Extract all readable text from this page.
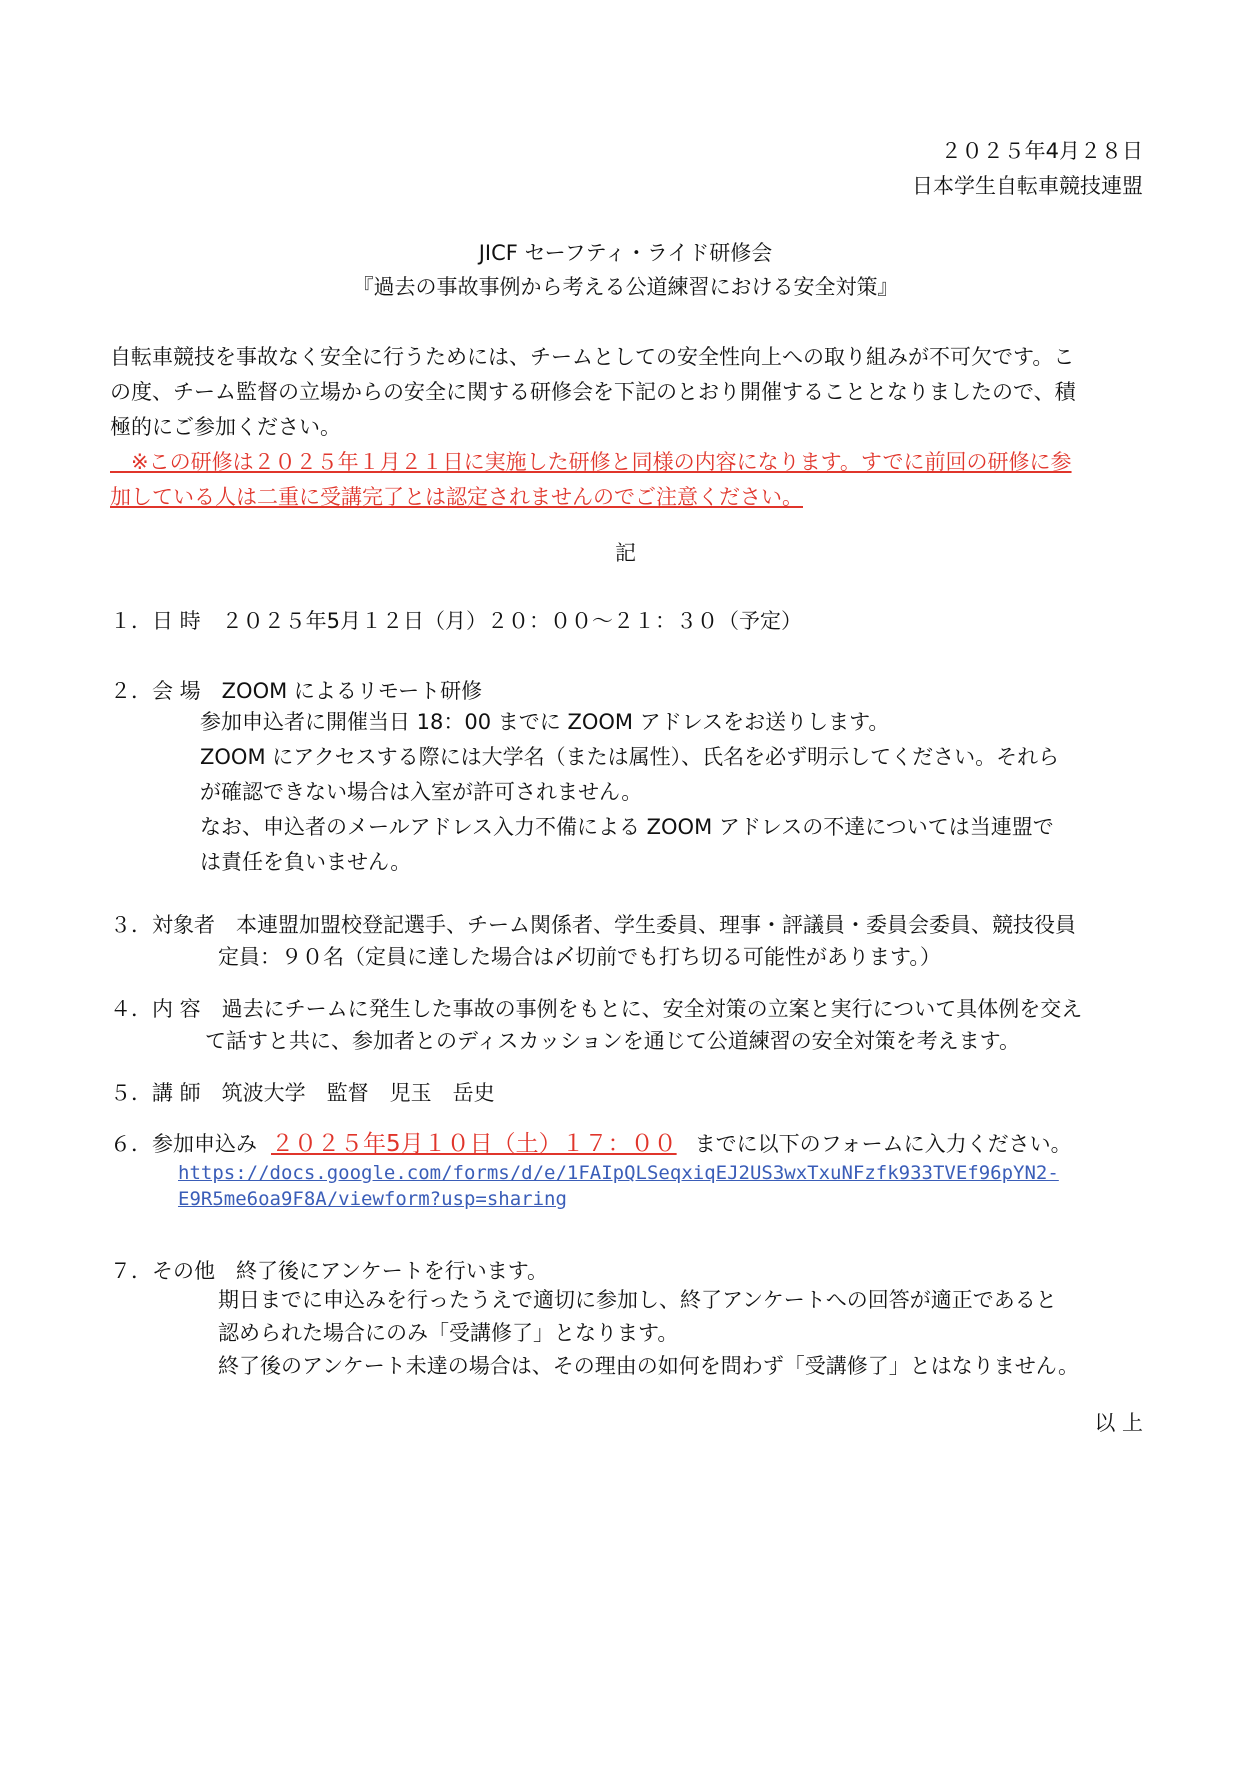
２０２５年4月２８日
日本学生自転車競技連盟
JICF セーフティ・ライド研修会
『過去の事故事例から考える公道練習における安全対策』
自転車競技を事故なく安全に行うためには、チームとしての安全性向上への取り組みが不可欠です。こ
の度、チーム監督の立場からの安全に関する研修会を下記のとおり開催することとなりましたので、積
極的にご参加ください。
　※この研修は２０２５年１月２１日に実施した研修と同様の内容になります。すでに前回の研修に参
加している人は二重に受講完了とは認定されませんのでご注意ください。
記
１．日 時　２０２５年5月１２日（月）２０：００～２１：３０（予定）
２．会 場　ZOOM によるリモート研修
参加申込者に開催当日 18：00 までに ZOOM アドレスをお送りします。
ZOOM にアクセスする際には大学名（または属性）、氏名を必ず明示してください。それら
が確認できない場合は入室が許可されません。
なお、申込者のメールアドレス入力不備による ZOOM アドレスの不達については当連盟で
は責任を負いません。
３．対象者　本連盟加盟校登記選手、チーム関係者、学生委員、理事・評議員・委員会委員、競技役員
定員：９０名（定員に達した場合は〆切前でも打ち切る可能性があります。）
４．内 容　過去にチームに発生した事故の事例をもとに、安全対策の立案と実行について具体例を交え
て話すと共に、参加者とのディスカッションを通じて公道練習の安全対策を考えます。
５．講 師　筑波大学　監督　児玉　岳史
６．参加申込み ２０２５年5月１０日（土）１７：００ までに以下のフォームに入力ください。
https://docs.google.com/forms/d/e/1FAIpQLSeqxiqEJ2US3wxTxuNFzfk933TVEf96pYN2-
E9R5me6oa9F8A/viewform?usp=sharing
７．その他　終了後にアンケートを行います。
期日までに申込みを行ったうえで適切に参加し、終了アンケートへの回答が適正であると
認められた場合にのみ「受講修了」となります。
終了後のアンケート未達の場合は、その理由の如何を問わず「受講修了」とはなりません。
以 上
